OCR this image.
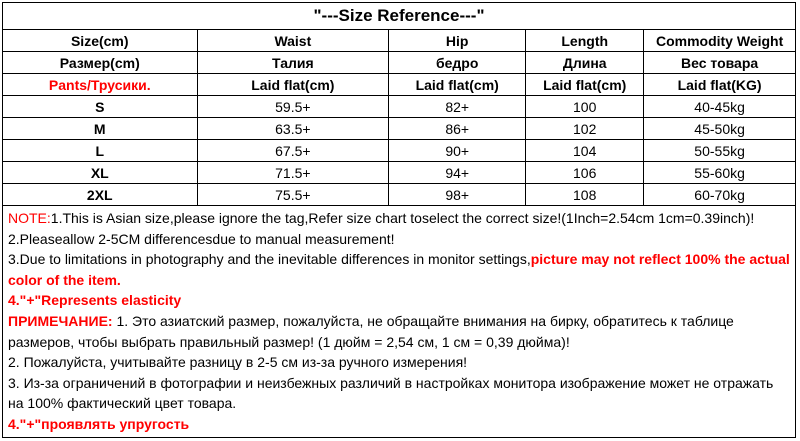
"---Size Reference---"
Size(cm)	Waist	Hip	Length	Commodity Weight
Размер(cm)	Талия	бедро	Длина	Вес товара
Pants/Трусики.	Laid flat(cm)	Laid flat(cm)	Laid flat(cm)	Laid flat(KG)
S	59.5+	82+	100	40-45kg
M	63.5+	86+	102	45-50kg
L	67.5+	90+	104	50-55kg
XL	71.5+	94+	106	55-60kg
2XL	75.5+	98+	108	60-70kg

NOTE:1.This is Asian size,please ignore the tag,Refer size chart toselect the correct size!(1Inch=2.54cm 1cm=0.39inch)!

2.Pleaseallow 2-5CM differencesdue to manual measurement!

3.Due to limitations in photography and the inevitable differences in monitor settings,picture may not reflect 100% the actual color of the item.

4."+"Represents elasticity

ПРИМЕЧАНИЕ: 1. Это азиатский размер, пожалуйста, не обращайте внимания на бирку, обратитесь к таблице размеров, чтобы выбрать правильный размер! (1 дюйм = 2,54 см, 1 см = 0,39 дюйма)!

2. Пожалуйста, учитывайте разницу в 2-5 см из-за ручного измерения!

3. Из-за ограничений в фотографии и неизбежных различий в настройках монитора изображение может не отражать на 100% фактический цвет товара.

4."+"проявлять упругость
